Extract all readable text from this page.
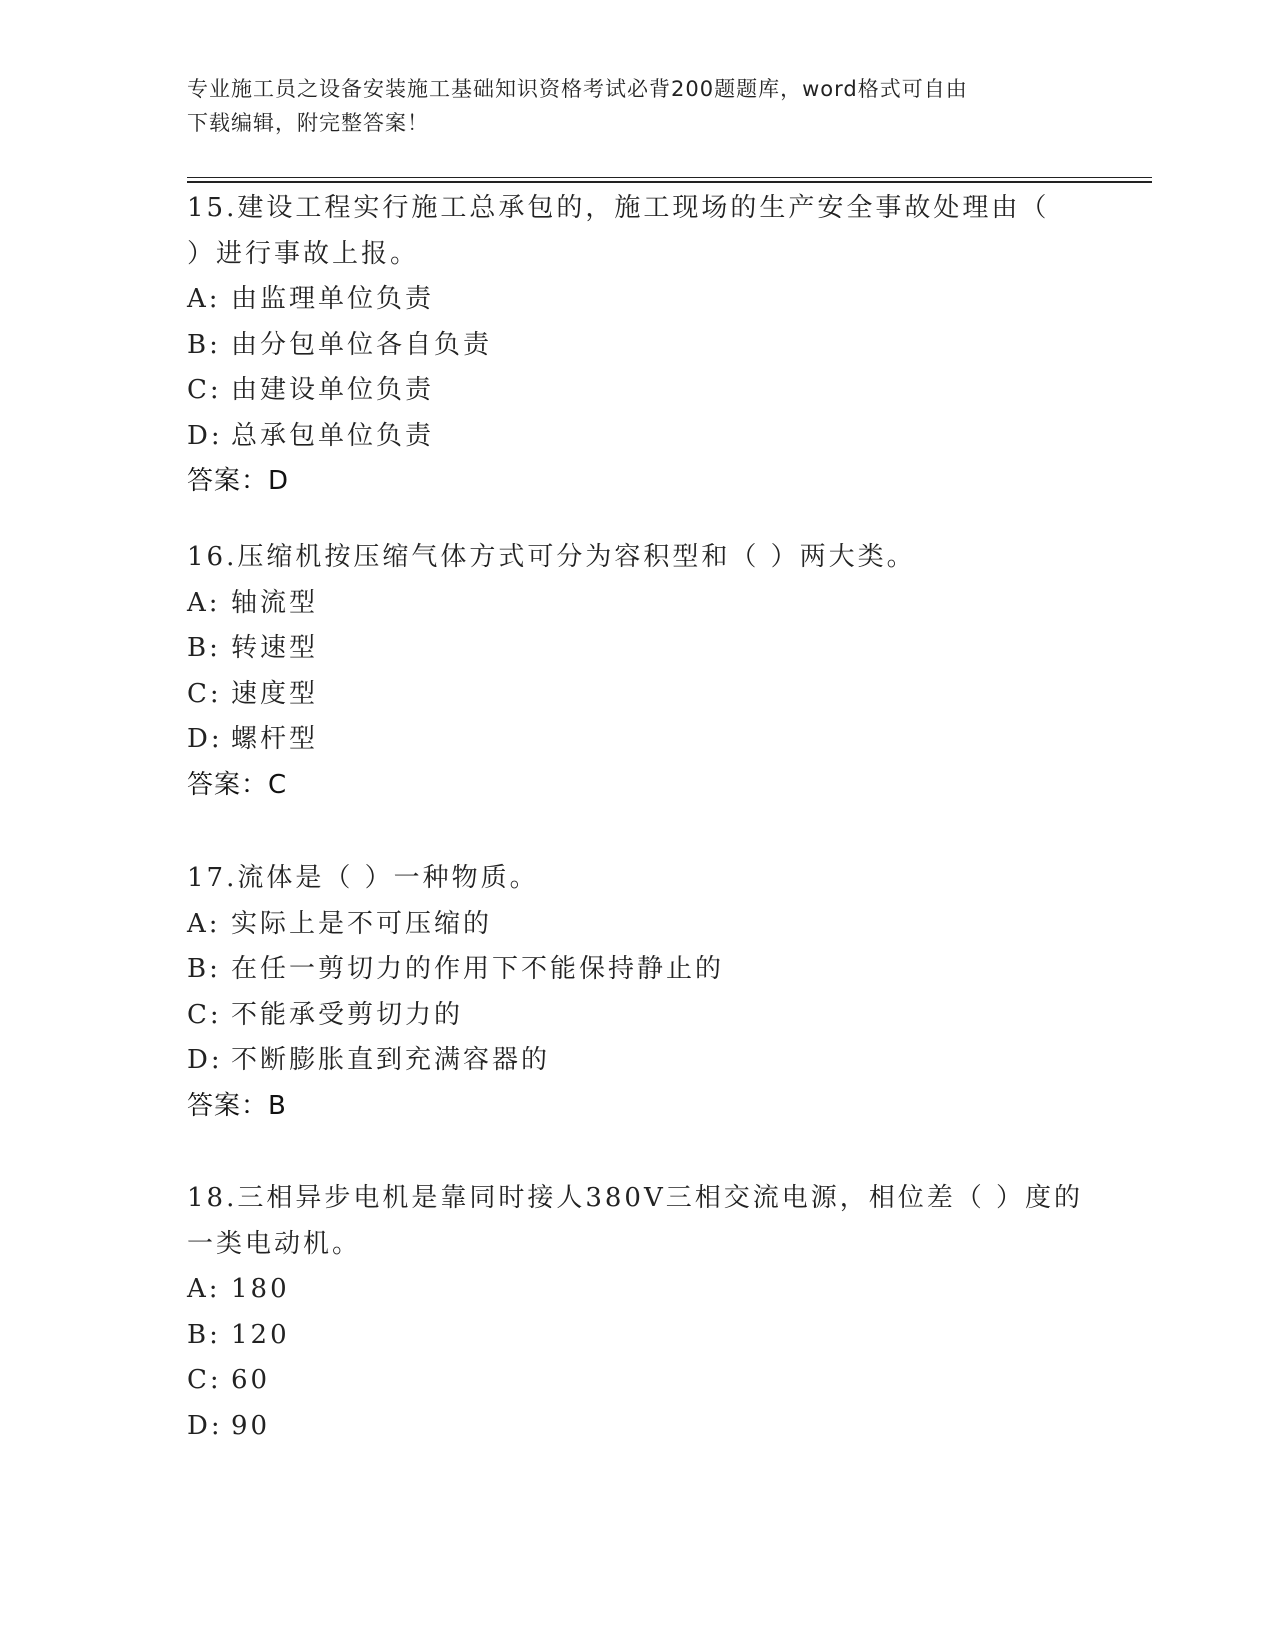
专业施工员之设备安装施工基础知识资格考试必背200题题库，word格式可自由
下载编辑，附完整答案！
15.建设工程实行施工总承包的，施工现场的生产安全事故处理由（
）进行事故上报。
A: 由监理单位负责
B: 由分包单位各自负责
C: 由建设单位负责
D: 总承包单位负责
答案：D
16.压缩机按压缩气体方式可分为容积型和（ ）两大类。
A: 轴流型
B: 转速型
C: 速度型
D: 螺杆型
答案：C
17.流体是（ ）一种物质。
A: 实际上是不可压缩的
B: 在任一剪切力的作用下不能保持静止的
C: 不能承受剪切力的
D: 不断膨胀直到充满容器的
答案：B
18.三相异步电机是靠同时接人380V三相交流电源，相位差（ ）度的
一类电动机。
A: 180
B: 120
C: 60
D: 90
